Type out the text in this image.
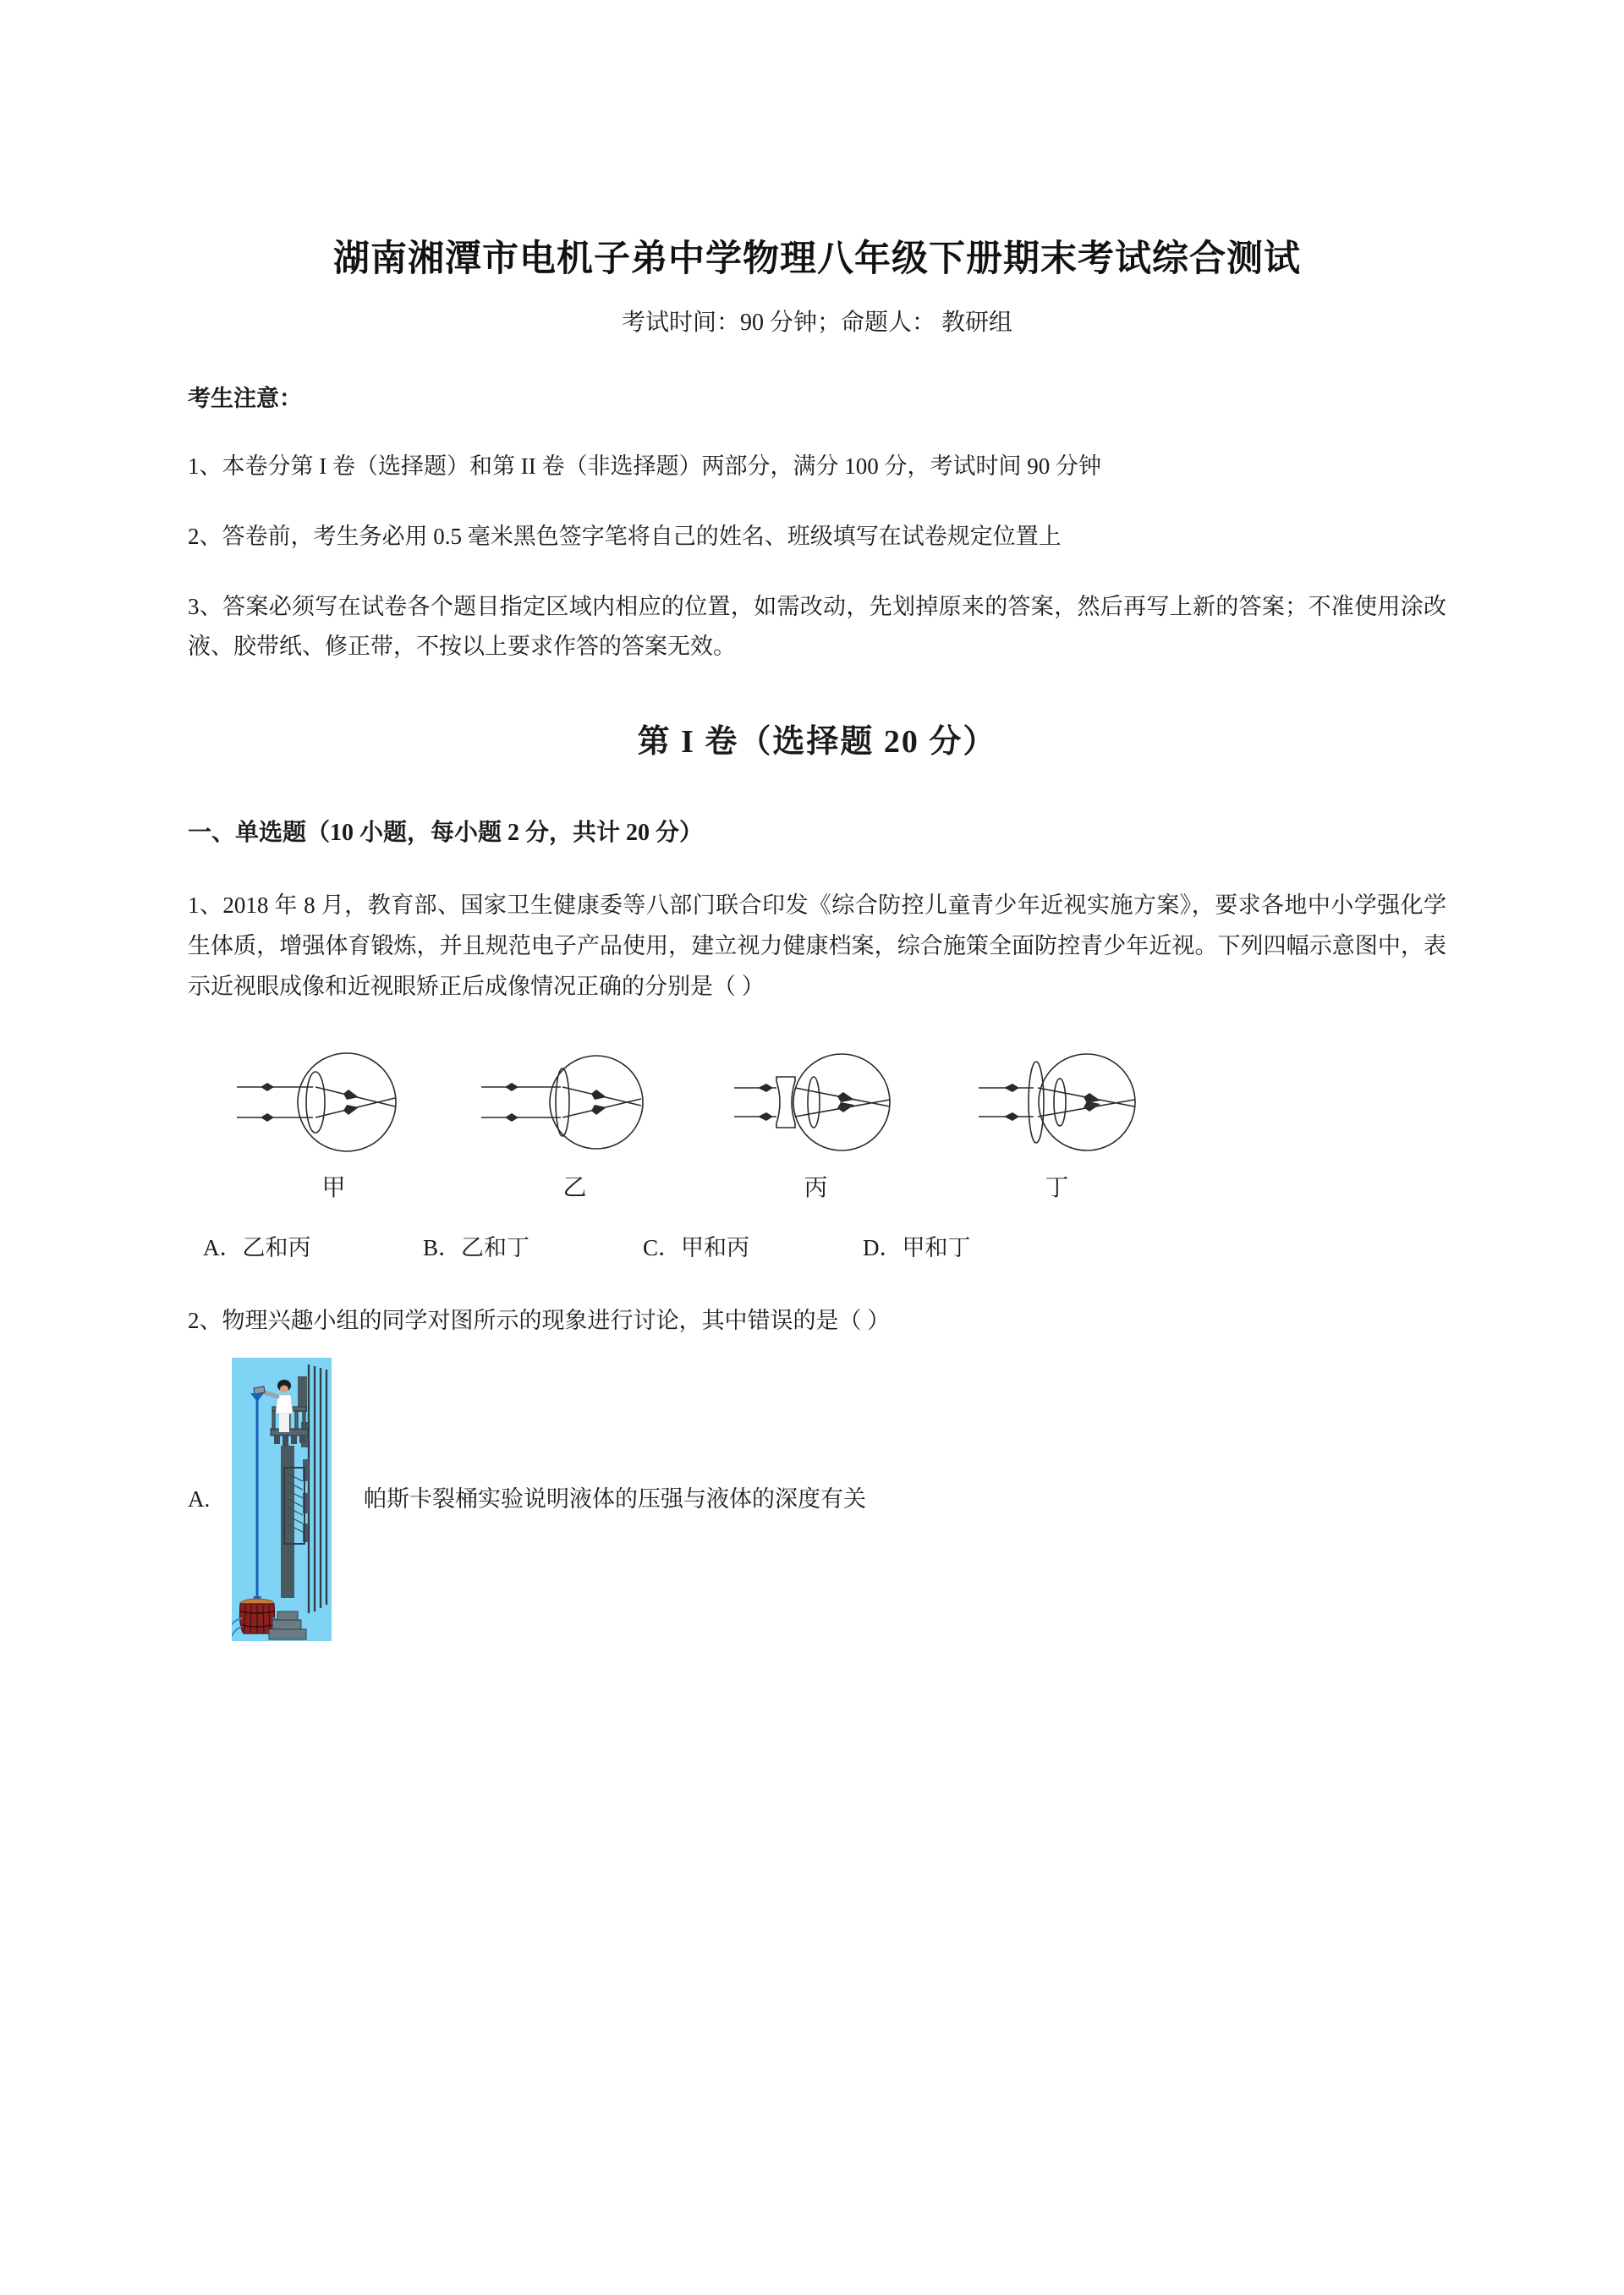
湖南湘潭市电机子弟中学物理八年级下册期末考试综合测试

考试时间：90 分钟；命题人： 教研组

考生注意：

1、本卷分第 I 卷（选择题）和第 II 卷（非选择题）两部分，满分 100 分，考试时间 90 分钟

2、答卷前，考生务必用 0.5 毫米黑色签字笔将自己的姓名、班级填写在试卷规定位置上

3、答案必须写在试卷各个题目指定区域内相应的位置，如需改动，先划掉原来的答案，然后再写上新的答案；不准使用涂改液、胶带纸、修正带，不按以上要求作答的答案无效。

第 I 卷（选择题 20 分）
一、单选题（10 小题，每小题 2 分，共计 20 分）

1、2018 年 8 月，教育部、国家卫生健康委等八部门联合印发《综合防控儿童青少年近视实施方案》，要求各地中小学强化学生体质，增强体育锻炼，并且规范电子产品使用，建立视力健康档案，综合施策全面防控青少年近视。下列四幅示意图中，表示近视眼成像和近视眼矫正后成像情况正确的分别是（ ）

甲	乙	丙	丁
A．乙和丙	B．乙和丁	C．甲和丙	D．甲和丁

2、物理兴趣小组的同学对图所示的现象进行讨论，其中错误的是（ ）

A.	帕斯卡裂桶实验说明液体的压强与液体的深度有关
